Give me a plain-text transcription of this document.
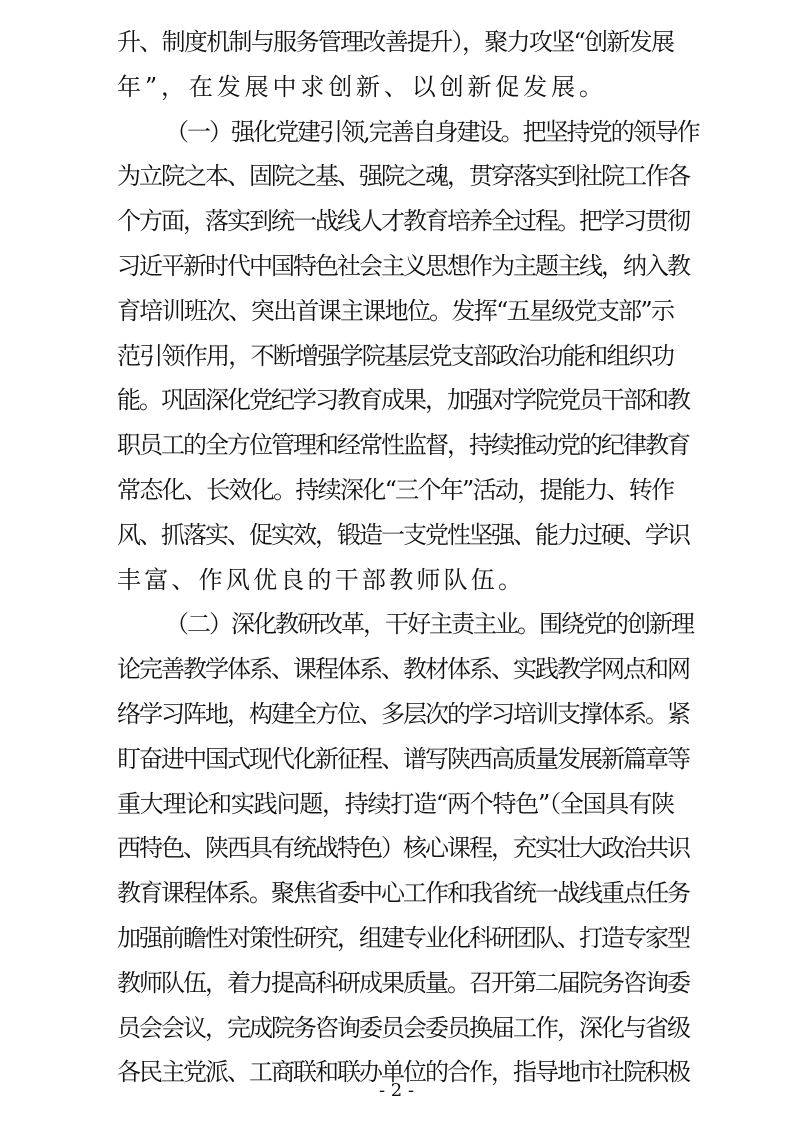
升、制度机制与服务管理改善提升），聚力攻坚“创新发展
年”，在发展中求创新、以创新促发展。
（一）强化党建引领,完善自身建设。把坚持党的领导作
为立院之本、固院之基、强院之魂，贯穿落实到社院工作各
个方面，落实到统一战线人才教育培养全过程。把学习贯彻
习近平新时代中国特色社会主义思想作为主题主线，纳入教
育培训班次、突出首课主课地位。发挥“五星级党支部”示
范引领作用，不断增强学院基层党支部政治功能和组织功
能。巩固深化党纪学习教育成果，加强对学院党员干部和教
职员工的全方位管理和经常性监督，持续推动党的纪律教育
常态化、长效化。持续深化“三个年”活动，提能力、转作
风、抓落实、促实效，锻造一支党性坚强、能力过硬、学识
丰富、作风优良的干部教师队伍。
（二）深化教研改革，干好主责主业。围绕党的创新理
论完善教学体系、课程体系、教材体系、实践教学网点和网
络学习阵地，构建全方位、多层次的学习培训支撑体系。紧
盯奋进中国式现代化新征程、谱写陕西高质量发展新篇章等
重大理论和实践问题，持续打造“两个特色”（全国具有陕
西特色、陕西具有统战特色）核心课程，充实壮大政治共识
教育课程体系。聚焦省委中心工作和我省统一战线重点任务
加强前瞻性对策性研究，组建专业化科研团队、打造专家型
教师队伍，着力提高科研成果质量。召开第二届院务咨询委
员会会议，完成院务咨询委员会委员换届工作，深化与省级
各民主党派、工商联和联办单位的合作，指导地市社院积极
- 2 -
